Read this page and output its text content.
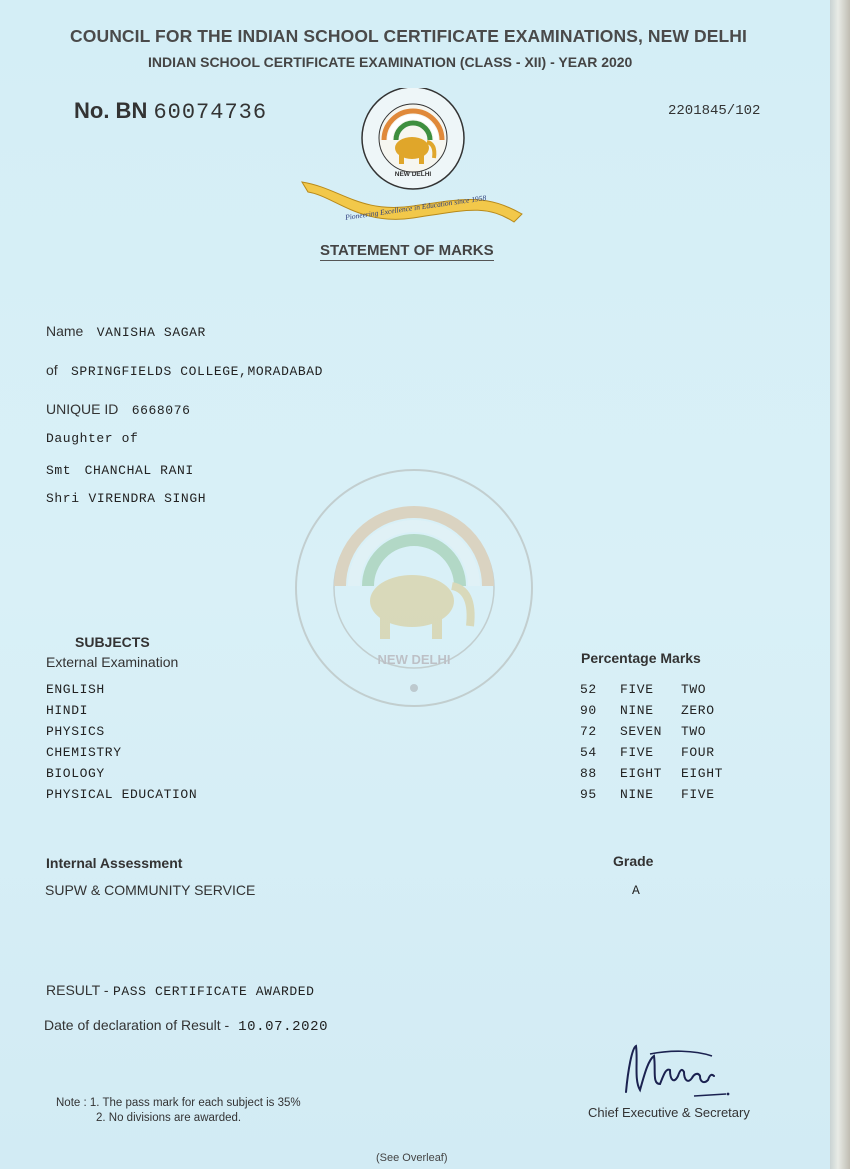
NEW DELHI
COUNCIL FOR THE INDIAN SCHOOL CERTIFICATE EXAMINATIONS, NEW DELHI
INDIAN SCHOOL CERTIFICATE EXAMINATION (CLASS - XII) - YEAR 2020
No. BN 60074736	2201845/102
NEW DELHI
Pioneering Excellence in Education since 1958
STATEMENT OF MARKS
Name VANISHA SAGAR
of SPRINGFIELDS COLLEGE,MORADABAD
UNIQUE ID 6668076
Daughter of
Smt CHANCHAL RANI
Shri VIRENDRA SINGH
SUBJECTS
External Examination	Percentage Marks
ENGLISH	52 FIVE TWO
HINDI	90 NINE ZERO
PHYSICS	72 SEVEN TWO
CHEMISTRY	54 FIVE FOUR
BIOLOGY	88 EIGHT EIGHT
PHYSICAL EDUCATION	95 NINE FIVE
Internal Assessment	Grade
SUPW & COMMUNITY SERVICE	A
RESULT - PASS CERTIFICATE AWARDED
Date of declaration of Result - 10.07.2020
Note : 1. The pass mark for each subject is 35%
2. No divisions are awarded.	Chief Executive & Secretary
(See Overleaf)
